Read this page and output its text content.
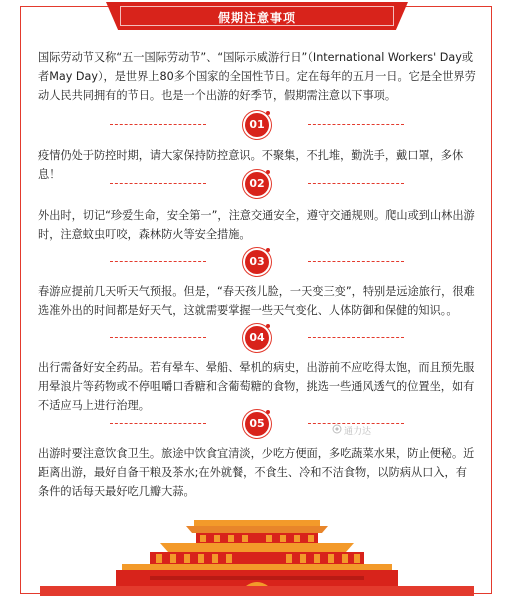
假期注意事项

国际劳动节又称“五一国际劳动节”、“国际示威游行日”（International Workers' Day或者May Day），是世界上80多个国家的全国性节日。定在每年的五月一日。它是全世界劳动人民共同拥有的节日。也是一个出游的好季节，假期需注意以下事项。

01

疫情仍处于防控时期，请大家保持防控意识。不聚集，不扎堆，勤洗手，戴口罩，多休息！

02

外出时，切记“珍爱生命，安全第一”，注意交通安全，遵守交通规则。爬山或到山林出游时，注意蚊虫叮咬，森林防火等安全措施。

03

春游应提前几天听天气预报。但是，“春天孩儿脸，一天变三变”，特别是远途旅行，很难选准外出的时间都是好天气，这就需要掌握一些天气变化、人体防御和保健的知识。。

04

出行需备好安全药品。若有晕车、晕船、晕机的病史，出游前不应吃得太饱，而且预先服用晕浪片等药物或不停咀嚼口香糖和含葡萄糖的食物，挑选一些通风透气的位置坐，如有不适应马上进行治理。

05
通力达

出游时要注意饮食卫生。旅途中饮食宜清淡，少吃方便面，多吃蔬菜水果，防止便秘。近距离出游，最好自备干粮及茶水;在外就餐，不食生、冷和不洁食物，以防病从口入，有条件的话每天最好吃几瓣大蒜。
